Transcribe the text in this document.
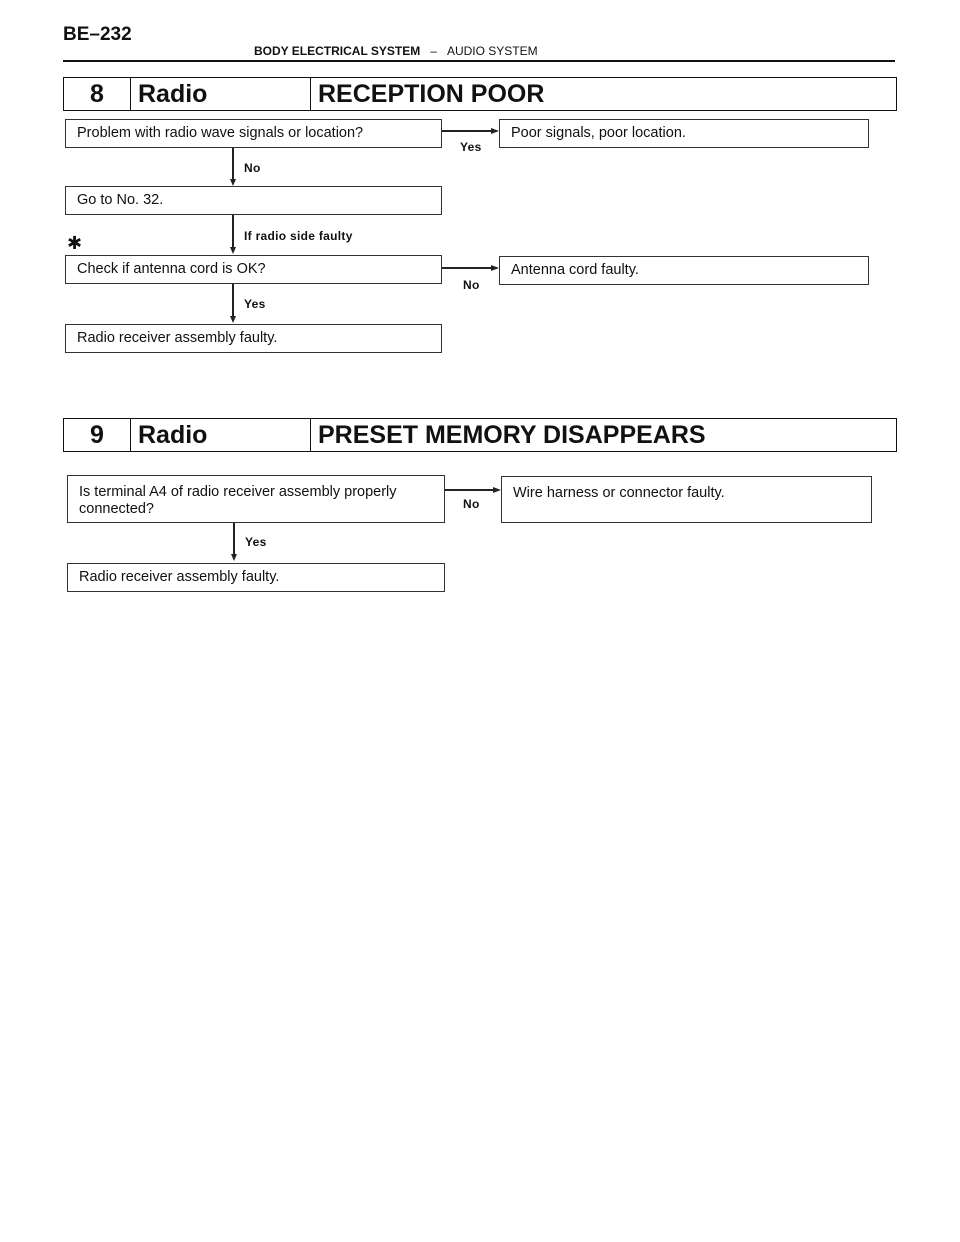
BE–232
BODY ELECTRICAL SYSTEM – AUDIO SYSTEM
8	Radio	RECEPTION POOR
Problem with radio wave signals or location?
Yes
Poor signals, poor location.
No
Go to No. 32.
If radio side faulty
✱
Check if antenna cord is OK?
No
Antenna cord faulty.
Yes
Radio receiver assembly faulty.
9	Radio	PRESET MEMORY DISAPPEARS
Is terminal A4 of radio receiver assembly properly connected?	No
Wire harness or connector faulty.
Yes
Radio receiver assembly faulty.
